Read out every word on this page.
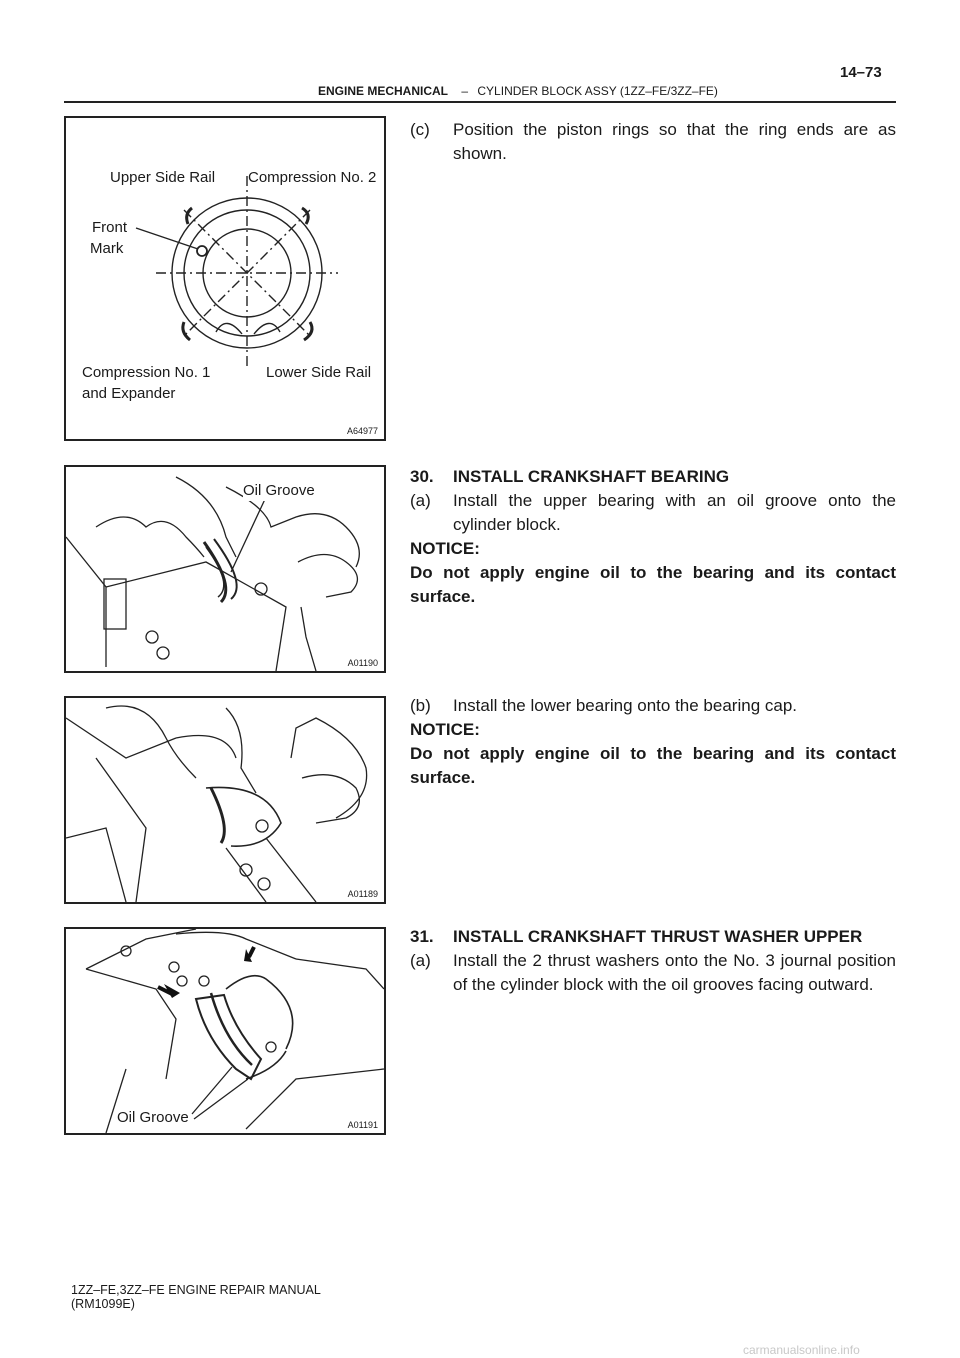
ENGINE MECHANICAL – CYLINDER BLOCK ASSY (1ZZ–FE/3ZZ–FE)
14–73
Upper Side Rail Compression No. 2
Front
Mark
Compression No. 1
and Expander
Lower Side Rail
A64977
Oil Groove
A01190
A01189
Oil Groove	A01191
(c) Position the piston rings so that the ring ends are as shown.
30. INSTALL CRANKSHAFT BEARING
(a) Install the upper bearing with an oil groove onto the cylinder block.
NOTICE:
Do not apply engine oil to the bearing and its contact surface.
(b) Install the lower bearing onto the bearing cap.
NOTICE:
Do not apply engine oil to the bearing and its contact surface.
31. INSTALL CRANKSHAFT THRUST WASHER UPPER
(a) Install the 2 thrust washers onto the No. 3 journal position of the cylinder block with the oil grooves facing outward.
1ZZ–FE,3ZZ–FE ENGINE REPAIR MANUAL
(RM1099E)
carmanualsonline.info
